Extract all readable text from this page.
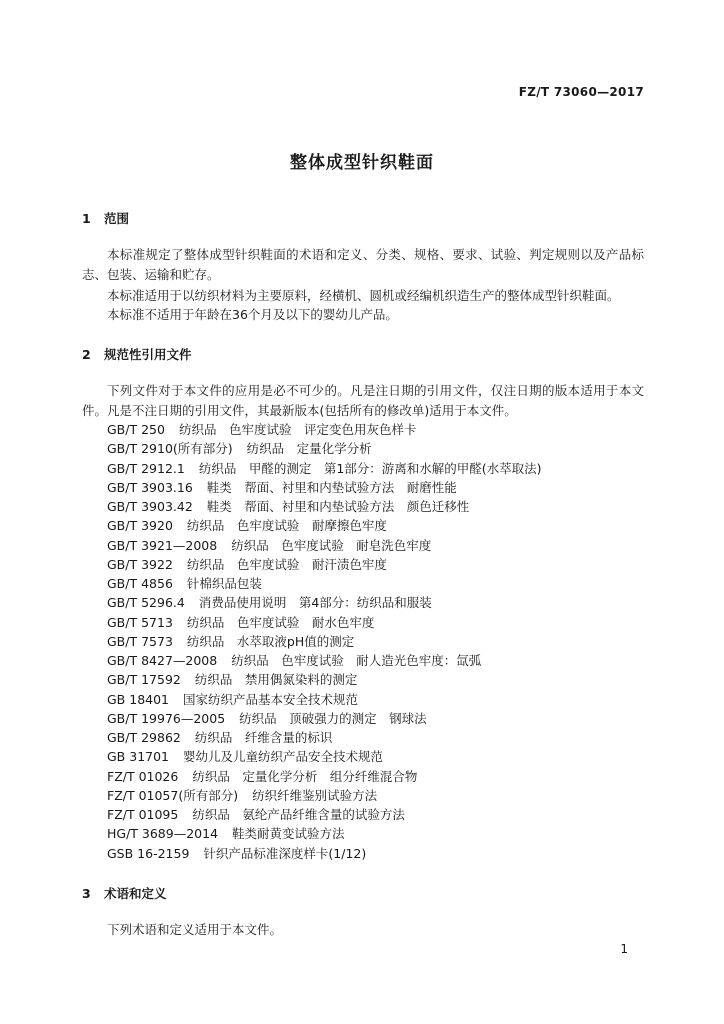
FZ/T 73060—2017
整体成型针织鞋面
1 范围
本标准规定了整体成型针织鞋面的术语和定义、分类、规格、要求、试验、判定规则以及产品标志、包装、运输和贮存。
本标准适用于以纺织材料为主要原料，经横机、圆机或经编机织造生产的整体成型针织鞋面。
本标准不适用于年龄在36个月及以下的婴幼儿产品。
2 规范性引用文件
下列文件对于本文件的应用是必不可少的。凡是注日期的引用文件，仅注日期的版本适用于本文件。凡是不注日期的引用文件，其最新版本(包括所有的修改单)适用于本文件。
GB/T 250 纺织品　色牢度试验　评定变色用灰色样卡
GB/T 2910(所有部分) 纺织品　定量化学分析
GB/T 2912.1 纺织品　甲醛的测定　第1部分：游离和水解的甲醛(水萃取法)
GB/T 3903.16 鞋类　帮面、衬里和内垫试验方法　耐磨性能
GB/T 3903.42 鞋类　帮面、衬里和内垫试验方法　颜色迁移性
GB/T 3920 纺织品　色牢度试验　耐摩擦色牢度
GB/T 3921—2008 纺织品　色牢度试验　耐皂洗色牢度
GB/T 3922 纺织品　色牢度试验　耐汗渍色牢度
GB/T 4856 针棉织品包装
GB/T 5296.4 消费品使用说明　第4部分：纺织品和服装
GB/T 5713 纺织品　色牢度试验　耐水色牢度
GB/T 7573 纺织品　水萃取液pH值的测定
GB/T 8427—2008 纺织品　色牢度试验　耐人造光色牢度：氙弧
GB/T 17592 纺织品　禁用偶氮染料的测定
GB 18401 国家纺织产品基本安全技术规范
GB/T 19976—2005 纺织品　顶破强力的测定　钢球法
GB/T 29862 纺织品　纤维含量的标识
GB 31701 婴幼儿及儿童纺织产品安全技术规范
FZ/T 01026 纺织品　定量化学分析　组分纤维混合物
FZ/T 01057(所有部分) 纺织纤维鉴别试验方法
FZ/T 01095 纺织品　氨纶产品纤维含量的试验方法
HG/T 3689—2014 鞋类耐黄变试验方法
GSB 16-2159 针织产品标准深度样卡(1/12)
3 术语和定义
下列术语和定义适用于本文件。
1
